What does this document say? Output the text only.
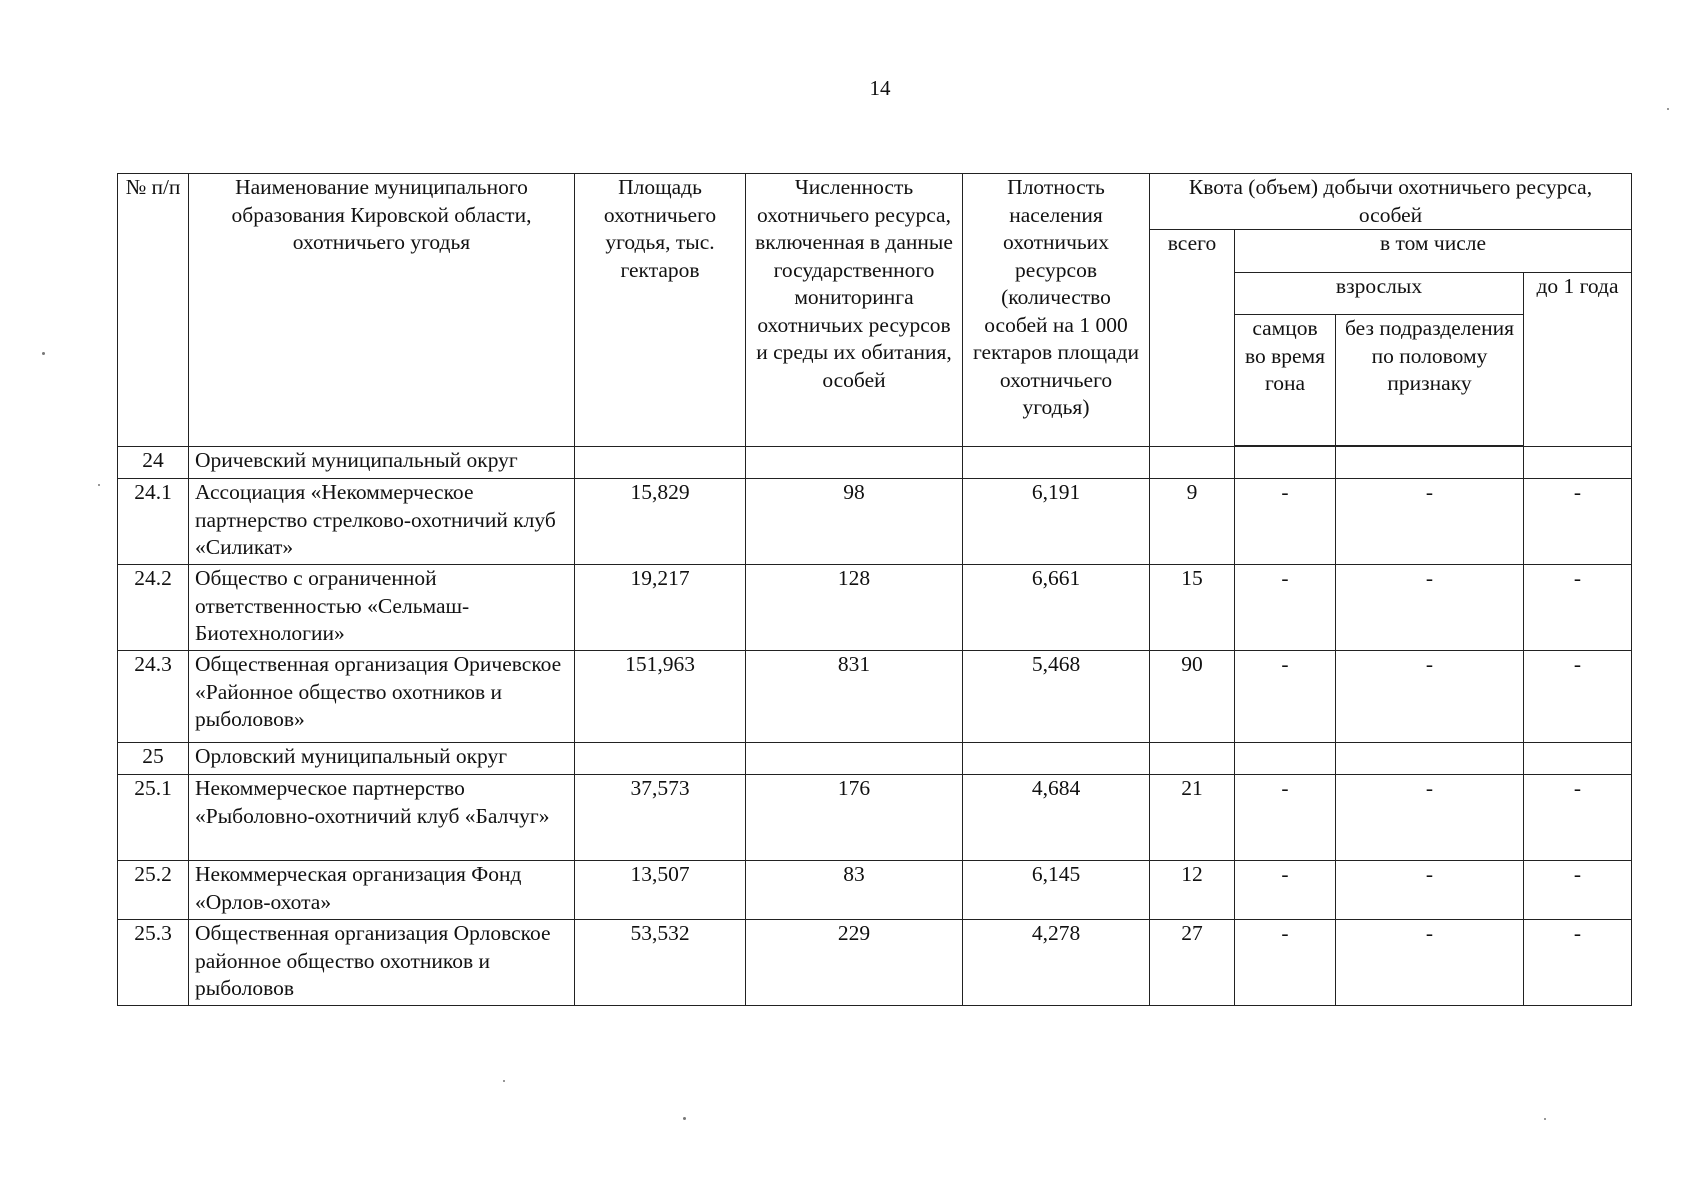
14
№ п/п	Наименование муниципального образования Кировской области, охотничьего угодья	Площадь охотничьего угодья, тыс. гектаров	Численность охотничьего ресурса, включенная в данные государственного мониторинга охотничьих ресурсов и среды их обитания, особей	Плотность населения охотничьих ресурсов (количество особей на 1 000 гектаров площади охотничьего угодья)	Квота (объем) добычи охотничьего ресурса, особей			
					всего	в том числе		
						взрослых		до 1 года
						самцов во время гона	без подразделения по половому признаку	

24	Оричевский муниципальный округ							
24.1	Ассоциация «Некоммерческое партнерство стрелково-охотничий клуб «Силикат»	15,829	98	6,191	9	-	-	-
24.2	Общество с ограниченной ответственностью «Сельмаш-Биотехнологии»	19,217	128	6,661	15	-	-	-
24.3	Общественная организация Оричевское «Районное общество охотников и рыболовов»	151,963	831	5,468	90	-	-	-
25	Орловский муниципальный округ							
25.1	Некоммерческое партнерство «Рыболовно-охотничий клуб «Балчуг»	37,573	176	4,684	21	-	-	-
25.2	Некоммерческая организация Фонд «Орлов-охота»	13,507	83	6,145	12	-	-	-
25.3	Общественная организация Орловское районное общество охотников и рыболовов	53,532	229	4,278	27	-	-	-
